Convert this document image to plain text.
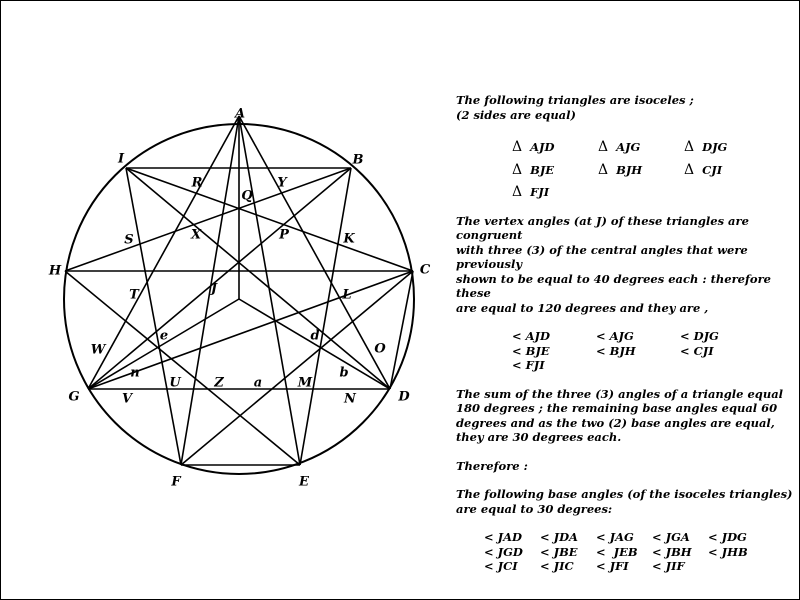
A
B
C
D
E
F
G
H
I
J
K
L
M
N
O
P
Q
R
S
T
U
V
W
X
Y
Z a
b
d
e
n

The following triangles are isoceles ;
(2 sides are equal)

Δ AJD	Δ AJG	Δ DJG
Δ BJE	Δ BJH	Δ CJI
Δ FJI

The vertex angles (at J) of these triangles are congruent
with three (3) of the central angles that were previously
shown to be equal to 40 degrees each : therefore these
are equal to 120 degrees and they are ,

< AJD	< AJG	< DJG
< BJE	< BJH	< CJI
< FJI

The sum of the three (3) angles of a triangle equal
180 degrees ; the remaining base angles equal 60
degrees and as the two (2) base angles are equal,
they are 30 degrees each.

Therefore :

The following base angles (of the isoceles triangles)
are equal to 30 degrees:

< JAD	< JDA	< JAG	< JGA	< JDG
< JGD	< JBE	<  JEB	< JBH	< JHB
< JCI	< JIC	< JFI	< JIF
